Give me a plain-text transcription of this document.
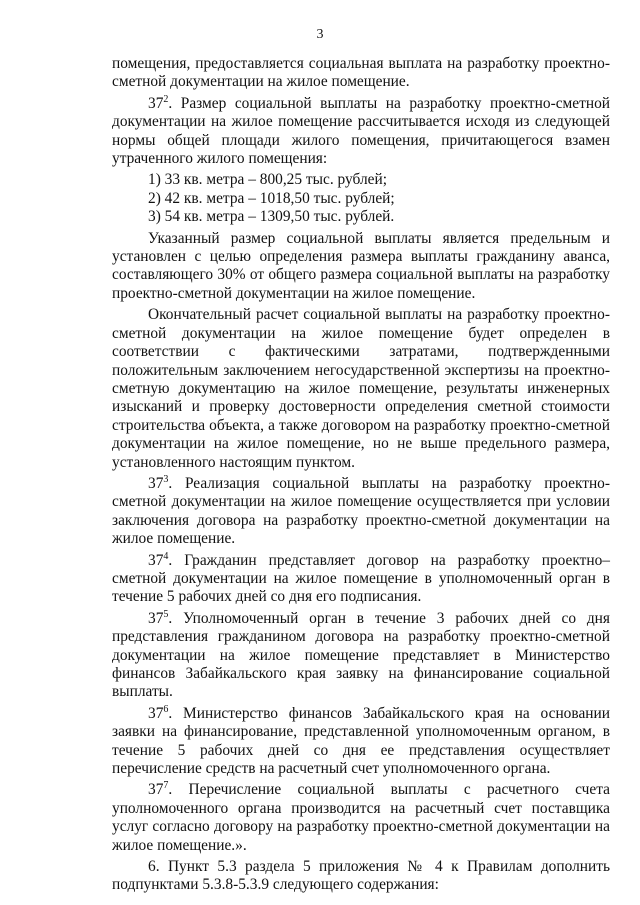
3

помещения, предоставляется социальная выплата на разработку проектно-сметной документации на жилое помещение.

$37^2$. Размер социальной выплаты на разработку проектно-сметной документации на жилое помещение рассчитывается исходя из следующей нормы общей площади жилого помещения, причитающегося взамен утраченного жилого помещения:

1) 33 кв. метра – 800,25 тыс. рублей;

2) 42 кв. метра – 1018,50 тыс. рублей;

3) 54 кв. метра – 1309,50 тыс. рублей.

Указанный размер социальной выплаты является предельным и установлен с целью определения размера выплаты гражданину аванса, составляющего 30% от общего размера социальной выплаты на разработку проектно-сметной документации на жилое помещение.

Окончательный расчет социальной выплаты на разработку проектно-сметной документации на жилое помещение будет определен в соответствии с фактическими затратами, подтвержденными положительным заключением негосударственной экспертизы на проектно-сметную документацию на жилое помещение, результаты инженерных изысканий и проверку достоверности определения сметной стоимости строительства объекта, а также договором на разработку проектно-сметной документации на жилое помещение, но не выше предельного размера, установленного настоящим пунктом.

$37^3$. Реализация социальной выплаты на разработку проектно-сметной документации на жилое помещение осуществляется при условии заключения договора на разработку проектно-сметной документации на жилое помещение.

$37^4$. Гражданин представляет договор на разработку проектно–сметной документации на жилое помещение в уполномоченный орган в течение 5 рабочих дней со дня его подписания.

$37^5$. Уполномоченный орган в течение 3 рабочих дней со дня представления гражданином договора на разработку проектно-сметной документации на жилое помещение представляет в Министерство финансов Забайкальского края заявку на финансирование социальной выплаты.

$37^6$. Министерство финансов Забайкальского края на основании заявки на финансирование, представленной уполномоченным органом, в течение 5 рабочих дней со дня ее представления осуществляет перечисление средств на расчетный счет уполномоченного органа.

$37^7$. Перечисление социальной выплаты с расчетного счета уполномоченного органа производится на расчетный счет поставщика услуг согласно договору на разработку проектно-сметной документации на жилое помещение.».

6. Пункт 5.3 раздела 5 приложения № 4 к Правилам дополнить подпунктами 5.3.8-5.3.9 следующего содержания:
